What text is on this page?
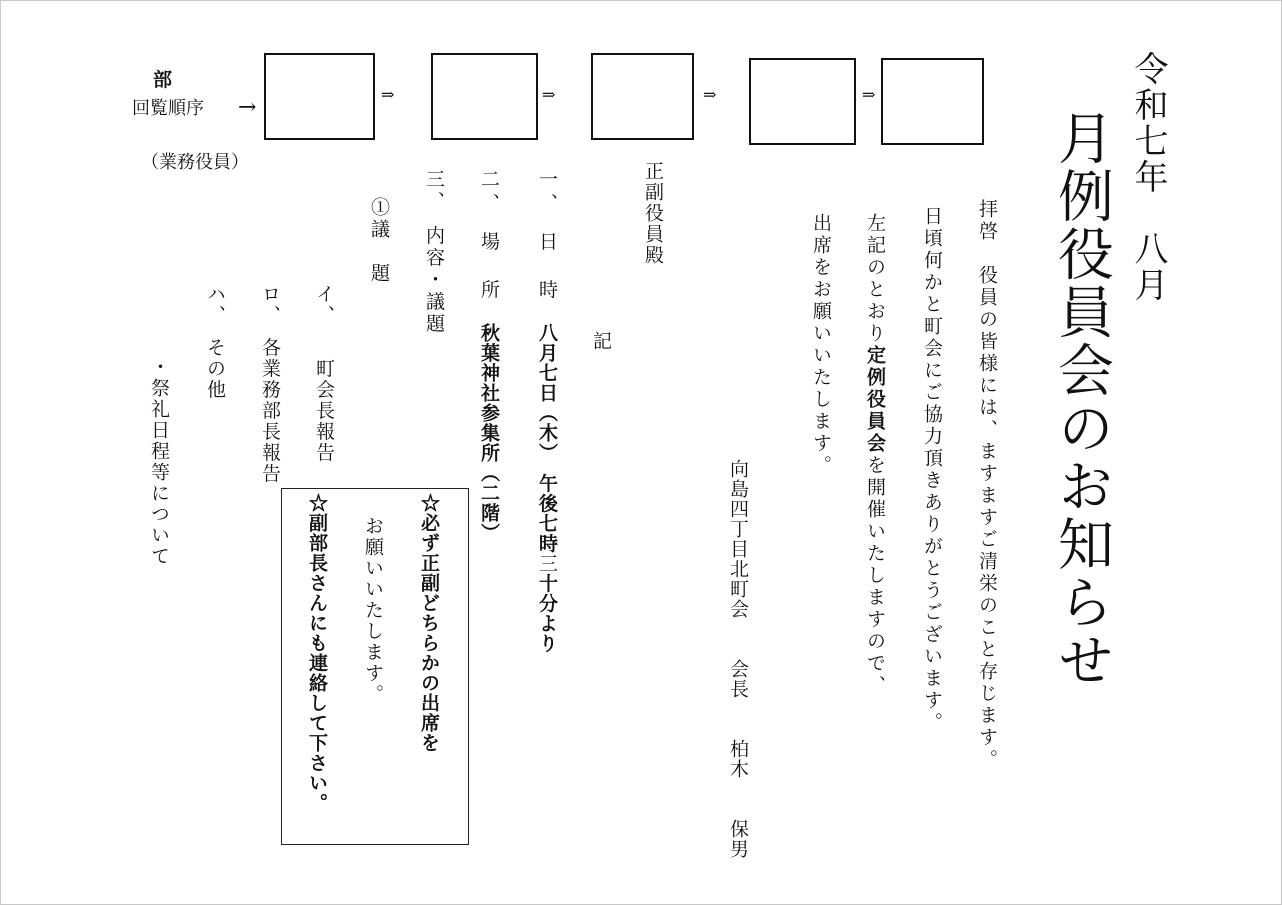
令和七年　八月
月例役員会のお知らせ
拝啓　役員の皆様には、ますますご清栄のこと存じます。
日頃何かと町会にご協力頂きありがとうございます。
左記のとおり定例役員会を開催いたしますので、
出席をお願いいたします。
向島四丁目北町会　　会長　　柏木　　保男
正副役員殿
記
一、　日　時
八月七日（木）　午後七時三十分より
二、　場　所
秋葉神社参集所（二階）
三、　内容・議題
①議　題
イ、　　町会長報告
ロ、　各業務部長報告
ハ、　その他
・祭礼日程等について
☆必ず正副どちらかの出席を
お願いいたします。
☆副部長さんにも連絡して下さい。
部
回覧順序 →
（業務役員）
⇒	⇒	⇒	⇒
